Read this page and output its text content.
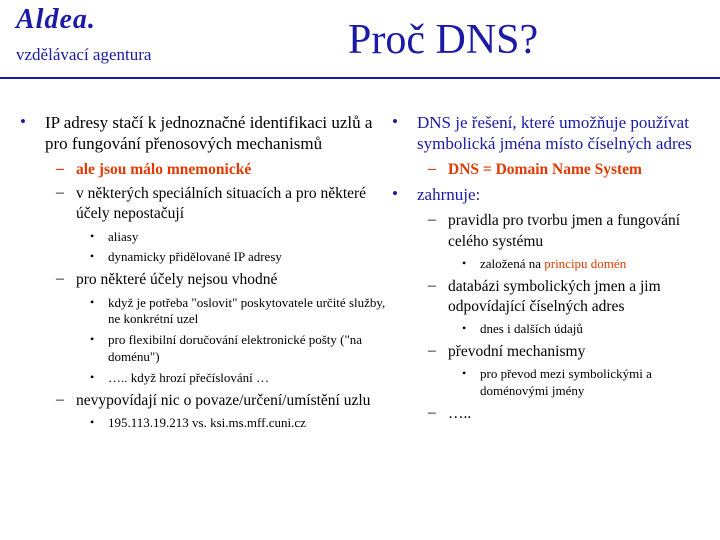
Aldea.
vzdělávací agentura	Proč DNS?
• IP adresy stačí k jednoznačné identifikaci uzlů a pro fungování přenosových mechanismů
– ale jsou málo mnemonické
– v některých speciálních situacích a pro některé účely nepostačují
• aliasy
• dynamicky přidělované IP adresy
– pro některé účely nejsou vhodné
• když je potřeba "oslovit" poskytovatele určité služby, ne konkrétní uzel
• pro flexibilní doručování elektronické pošty ("na doménu")
• ….. když hrozí přečíslování …
– nevypovídají nic o povaze/určení/umístění uzlu
• 195.113.19.213 vs. ksi.ms.mff.cuni.cz
• DNS je řešení, které umožňuje používat symbolická jména místo číselných adres
– DNS = Domain Name System
• zahrnuje:
– pravidla pro tvorbu jmen a fungování celého systému
• založená na principu domén
– databázi symbolických jmen a jim odpovídající číselných adres
• dnes i dalších údajů
– převodní mechanismy
• pro převod mezi symbolickými a doménovými jmény
– …..
